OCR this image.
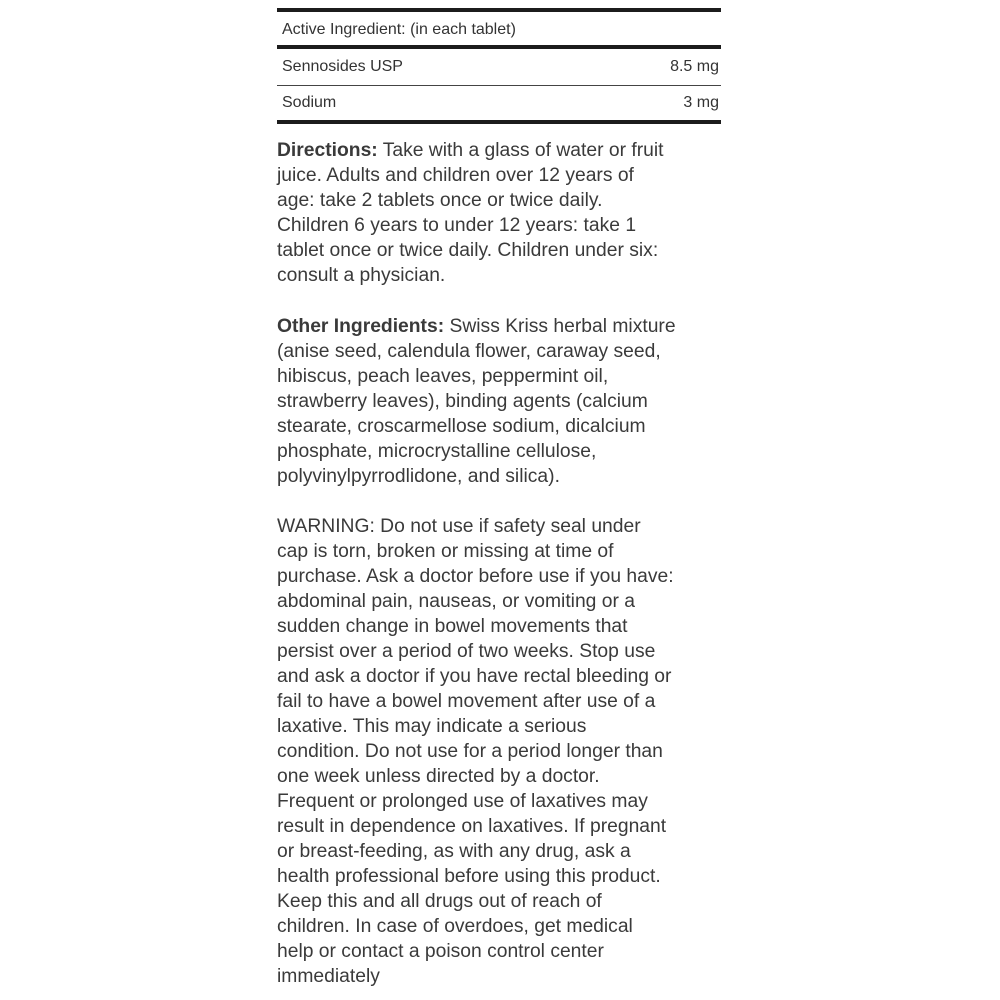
Active Ingredient: (in each tablet)
Sennosides USP	8.5 mg
Sodium	3 mg

Directions: Take with a glass of water or fruit
juice. Adults and children over 12 years of
age: take 2 tablets once or twice daily.
Children 6 years to under 12 years: take 1
tablet once or twice daily. Children under six:
consult a physician.

Other Ingredients: Swiss Kriss herbal mixture
(anise seed, calendula flower, caraway seed,
hibiscus, peach leaves, peppermint oil,
strawberry leaves), binding agents (calcium
stearate, croscarmellose sodium, dicalcium
phosphate, microcrystalline cellulose,
polyvinylpyrrodlidone, and silica).

WARNING: Do not use if safety seal under
cap is torn, broken or missing at time of
purchase. Ask a doctor before use if you have:
abdominal pain, nauseas, or vomiting or a
sudden change in bowel movements that
persist over a period of two weeks. Stop use
and ask a doctor if you have rectal bleeding or
fail to have a bowel movement after use of a
laxative. This may indicate a serious
condition. Do not use for a period longer than
one week unless directed by a doctor.
Frequent or prolonged use of laxatives may
result in dependence on laxatives. If pregnant
or breast-feeding, as with any drug, ask a
health professional before using this product.
Keep this and all drugs out of reach of
children. In case of overdoes, get medical
help or contact a poison control center
immediately
